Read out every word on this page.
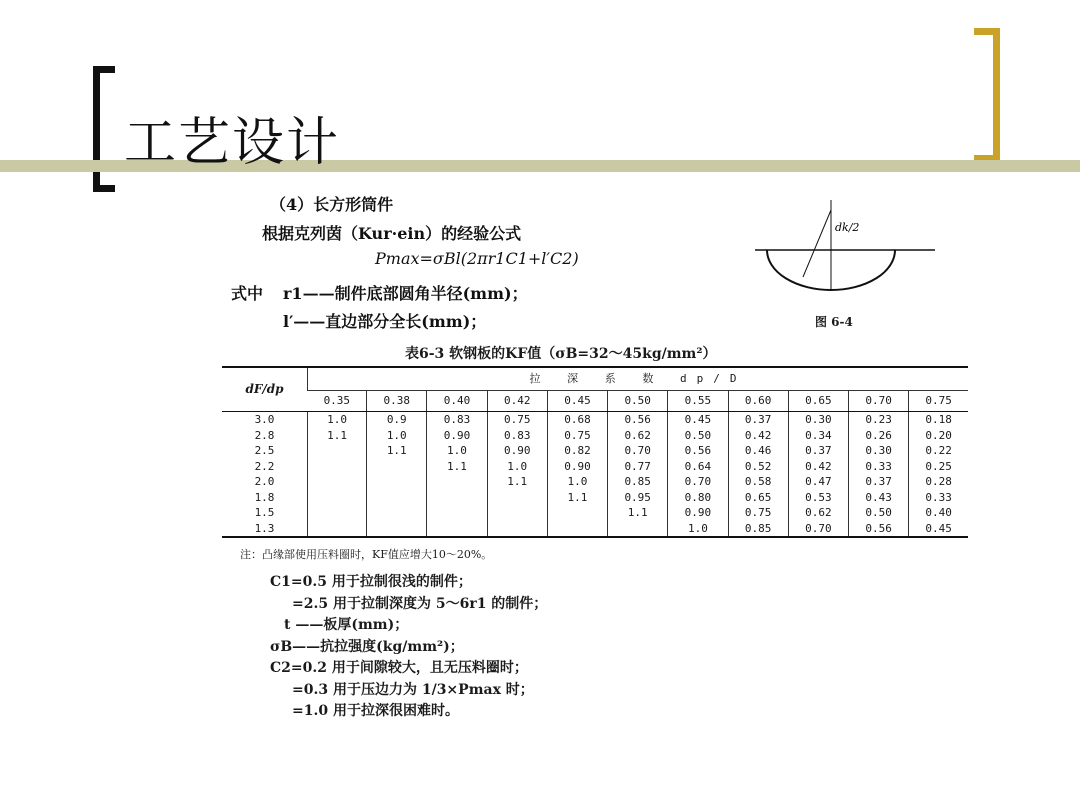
工艺设计
（4）长方形筒件
根据克列茵（Kur·ein）的经验公式
Pmax=σBl(2πr1C1+l′C2)
式中 r1——制件底部圆角半径(mm)；
l′——直边部分全长(mm)；
dk/2
图 6-4
表6-3 软钢板的KF值（σB=32～45kg/mm²）
dF/dp	拉 深 系 数 dp/D										
	0.35	0.38	0.40	0.42	0.45	0.50	0.55	0.60	0.65	0.70	0.75
3.0	1.0	0.9	0.83	0.75	0.68	0.56	0.45	0.37	0.30	0.23	0.18
2.8	1.1	1.0	0.90	0.83	0.75	0.62	0.50	0.42	0.34	0.26	0.20
2.5		1.1	1.0	0.90	0.82	0.70	0.56	0.46	0.37	0.30	0.22
2.2			1.1	1.0	0.90	0.77	0.64	0.52	0.42	0.33	0.25
2.0				1.1	1.0	0.85	0.70	0.58	0.47	0.37	0.28
1.8					1.1	0.95	0.80	0.65	0.53	0.43	0.33
1.5						1.1	0.90	0.75	0.62	0.50	0.40
1.3							1.0	0.85	0.70	0.56	0.45
注：凸缘部使用压料圈时，KF值应增大10～20%。
C1=0.5 用于拉制很浅的制件；
=2.5 用于拉制深度为 5～6r1 的制件；
t ——板厚(mm)；
σB——抗拉强度(kg/mm²)；
C2=0.2 用于间隙较大，且无压料圈时；
=0.3 用于压边力为 1/3×Pmax 时；
=1.0 用于拉深很困难时。
